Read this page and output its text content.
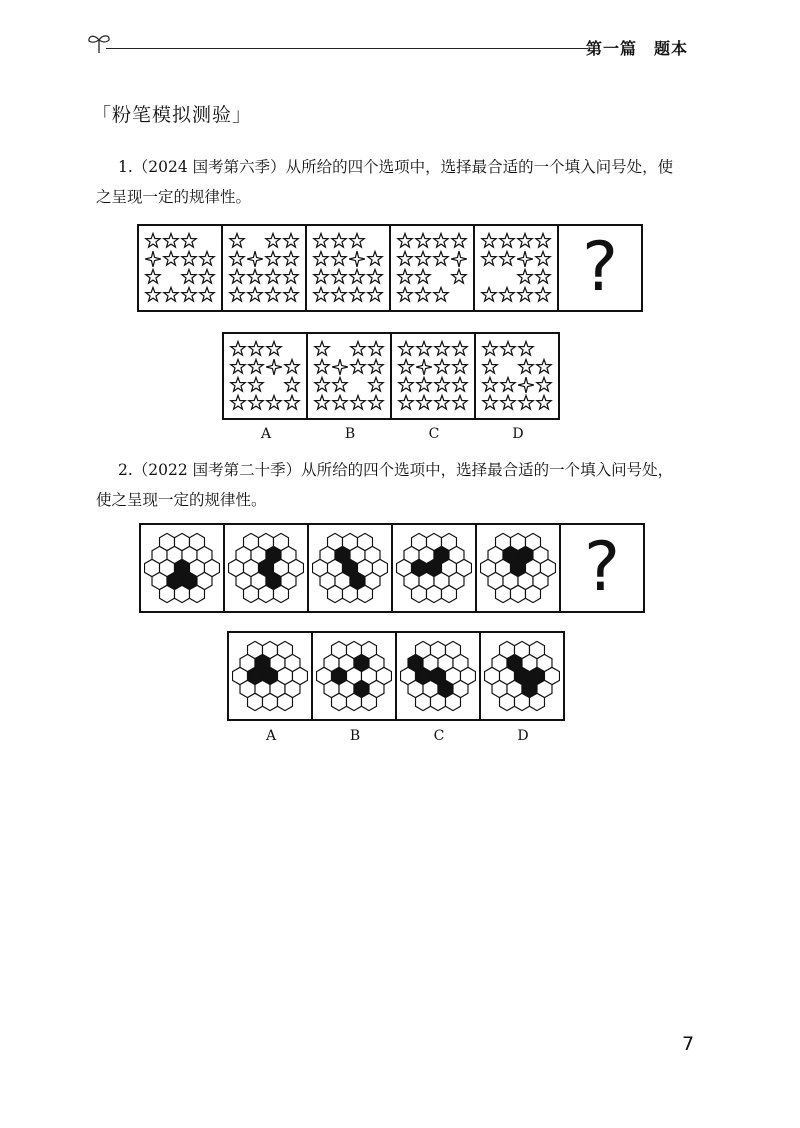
第一篇　题本
「粉笔模拟测验」
1.（2024 国考第六季）从所给的四个选项中，选择最合适的一个填入问号处，使
之呈现一定的规律性。
?
A	B	C	D
2.（2022 国考第二十季）从所给的四个选项中，选择最合适的一个填入问号处，
使之呈现一定的规律性。
?
A	B	C	D
7
